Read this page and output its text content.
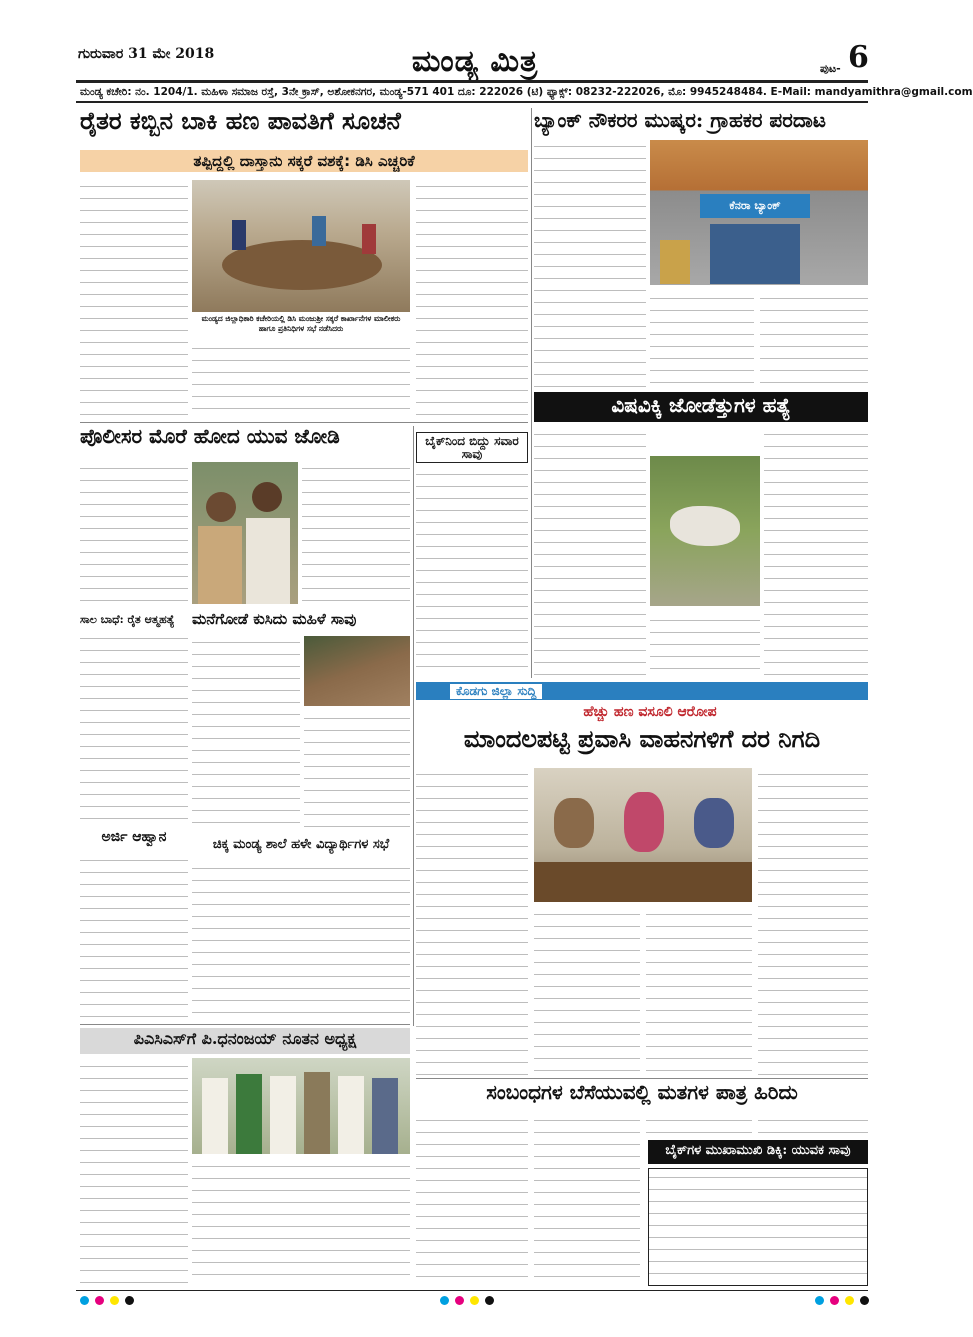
ಗುರುವಾರ 31 ಮೇ 2018	ಮಂಡ್ಯ ಮಿತ್ರ	ಪುಟ- 6
ಮಂಡ್ಯ ಕಚೇರಿ: ನಂ. 1204/1. ಮಹಿಳಾ ಸಮಾಜ ರಸ್ತೆ, 3ನೇ ಕ್ರಾಸ್, ಅಶೋಕನಗರ, ಮಂಡ್ಯ-571 401 ದೂ: 222026 (ಟಿ) ಫ್ಯಾಕ್ಸ್: 08232-222026, ಮೊ: 9945248484. E-Mail: mandyamithra@gmail.com
ರೈತರ ಕಬ್ಬಿನ ಬಾಕಿ ಹಣ ಪಾವತಿಗೆ ಸೂಚನೆ
ತಪ್ಪಿದ್ದಲ್ಲಿ ದಾಸ್ತಾನು ಸಕ್ಕರೆ ವಶಕ್ಕೆ: ಡಿಸಿ ಎಚ್ಚರಿಕೆ
ಮಂಡ್ಯದ ಜಿಲ್ಲಾಧಿಕಾರಿ ಕಚೇರಿಯಲ್ಲಿ ಡಿಸಿ ಮಂಜುಶ್ರೀ ಸಕ್ಕರೆ ಕಾರ್ಖಾನೆಗಳ ಮಾಲೀಕರು ಹಾಗೂ ಪ್ರತಿನಿಧಿಗಳ ಸಭೆ ನಡೆಸಿದರು
ಬ್ಯಾಂಕ್ ನೌಕರರ ಮುಷ್ಕರ: ಗ್ರಾಹಕರ ಪರದಾಟ
ಕೆನರಾ ಬ್ಯಾಂಕ್
ವಿಷವಿಕ್ಕಿ ಜೋಡೆತ್ತುಗಳ ಹತ್ಯೆ
ಪೊಲೀಸರ ಮೊರೆ ಹೋದ ಯುವ ಜೋಡಿ	ಬೈಕ್‌ನಿಂದ ಬಿದ್ದು ಸವಾರ ಸಾವು
ಸಾಲ ಬಾಧೆ: ರೈತ ಆತ್ಮಹತ್ಯೆ	ಮನೆಗೋಡೆ ಕುಸಿದು ಮಹಿಳೆ ಸಾವು
ಕೊಡಗು ಜಿಲ್ಲಾ ಸುದ್ದಿ
ಹೆಚ್ಚು ಹಣ ವಸೂಲಿ ಆರೋಪ
ಮಾಂದಲಪಟ್ಟಿ ಪ್ರವಾಸಿ ವಾಹನಗಳಿಗೆ ದರ ನಿಗದಿ
ಅರ್ಜಿ ಆಹ್ವಾನ	ಚಿಕ್ಕ ಮಂಡ್ಯ ಶಾಲೆ ಹಳೇ ವಿದ್ಯಾರ್ಥಿಗಳ ಸಭೆ
ಪಿಎಸಿಎಸ್‌ಗೆ ಪಿ.ಧನಂಜಯ್ ನೂತನ ಅಧ್ಯಕ್ಷ
ಸಂಬಂಧಗಳ ಬೆಸೆಯುವಲ್ಲಿ ಮತಗಳ ಪಾತ್ರ ಹಿರಿದು
ಬೈಕ್‌ಗಳ ಮುಖಾಮುಖಿ ಡಿಕ್ಕಿ: ಯುವಕ ಸಾವು
